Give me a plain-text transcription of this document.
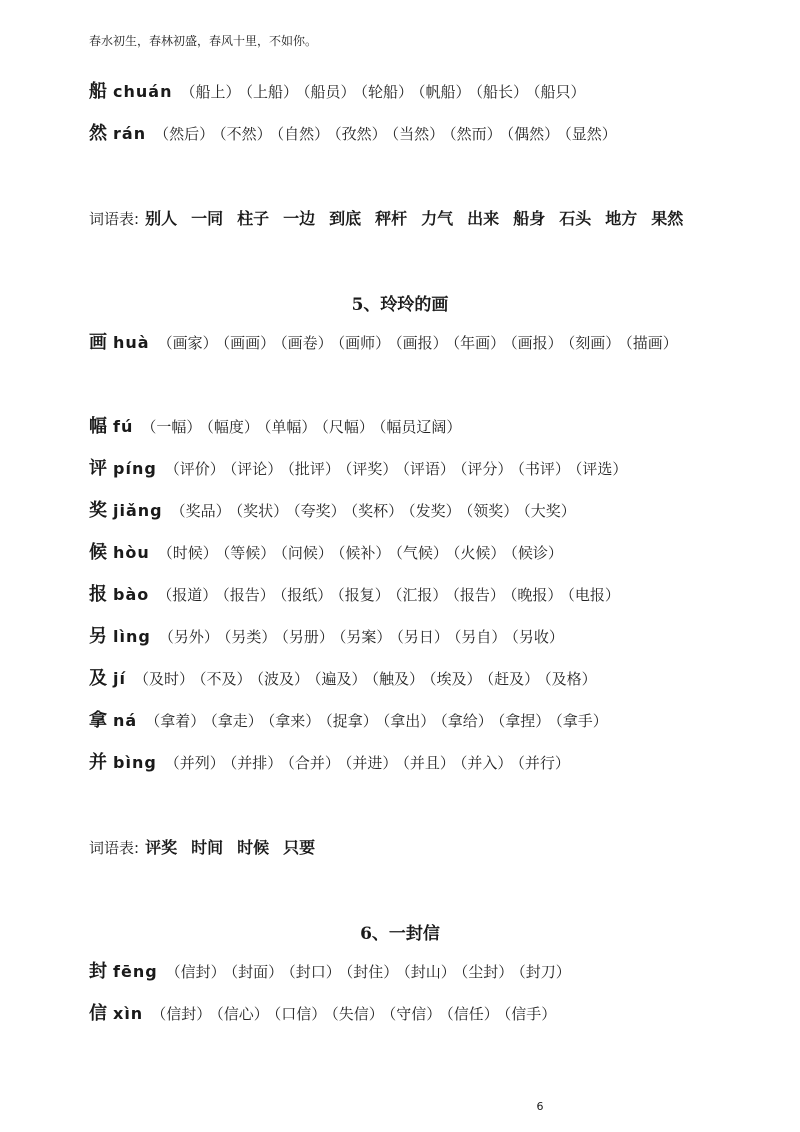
春水初生，春林初盛，春风十里，不如你。
船 chuán （船上） （上船） （船员） （轮船） （帆船） （船长） （船只）
然 rán （然后） （不然） （自然） （孜然） （当然） （然而） （偶然） （显然）
词语表: 别人 一同 柱子 一边 到底 秤杆 力气 出来 船身 石头 地方 果然
5、玲玲的画
画 huà （画家） （画画） （画卷） （画师） （画报） （年画） （画报） （刻画） （描画）
幅 fú （一幅） （幅度） （单幅） （尺幅） （幅员辽阔）
评 píng （评价） （评论） （批评） （评奖） （评语） （评分） （书评） （评选）
奖 jiǎng （奖品） （奖状） （夸奖） （奖杯） （发奖） （领奖） （大奖）
候 hòu （时候） （等候） （问候） （候补） （气候） （火候） （候诊）
报 bào （报道） （报告） （报纸） （报复） （汇报） （报告） （晚报） （电报）
另 lìng （另外） （另类） （另册） （另案） （另日） （另自） （另收）
及 jí （及时） （不及） （波及） （遍及） （触及） （埃及） （赶及） （及格）
拿 ná （拿着） （拿走） （拿来） （捉拿） （拿出） （拿给） （拿捏） （拿手）
并 bìng （并列） （并排） （合并） （并进） （并且） （并入） （并行）
词语表: 评奖 时间 时候 只要
6、一封信
封 fēng （信封） （封面） （封口） （封住） （封山） （尘封） （封刀）
信 xìn （信封） （信心） （口信） （失信） （守信） （信任） （信手）
6
